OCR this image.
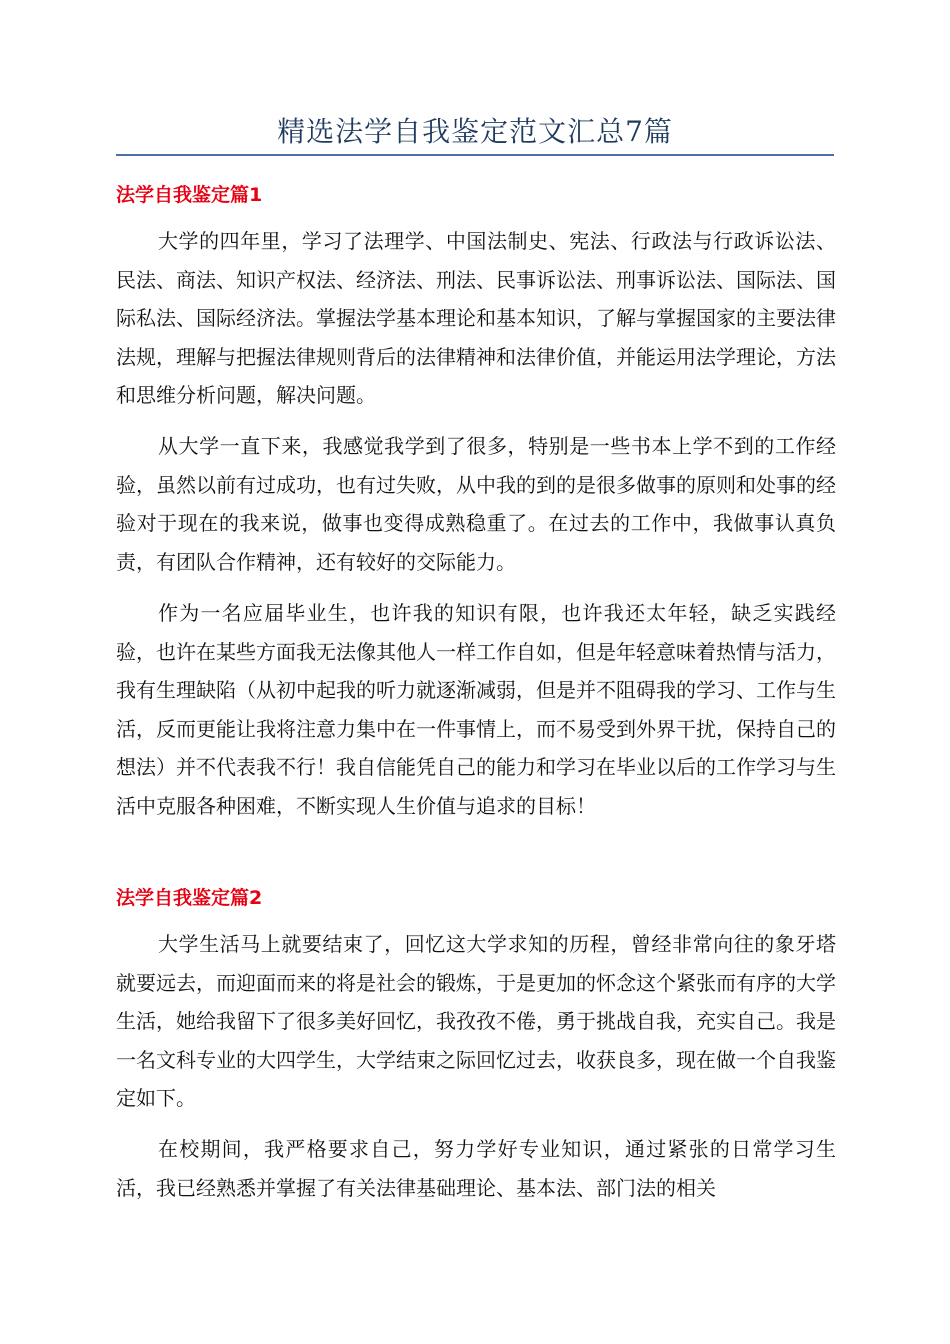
精选法学自我鉴定范文汇总7篇
法学自我鉴定篇1

大学的四年里，学习了法理学、中国法制史、宪法、行政法与行政诉讼法、民法、商法、知识产权法、经济法、刑法、民事诉讼法、刑事诉讼法、国际法、国际私法、国际经济法。掌握法学基本理论和基本知识，了解与掌握国家的主要法律法规，理解与把握法律规则背后的法律精神和法律价值，并能运用法学理论，方法和思维分析问题，解决问题。

从大学一直下来，我感觉我学到了很多，特别是一些书本上学不到的工作经验，虽然以前有过成功，也有过失败，从中我的到的是很多做事的原则和处事的经验对于现在的我来说，做事也变得成熟稳重了。在过去的工作中，我做事认真负责，有团队合作精神，还有较好的交际能力。

作为一名应届毕业生，也许我的知识有限，也许我还太年轻，缺乏实践经验，也许在某些方面我无法像其他人一样工作自如，但是年轻意味着热情与活力，我有生理缺陷（从初中起我的听力就逐渐减弱，但是并不阻碍我的学习、工作与生活，反而更能让我将注意力集中在一件事情上，而不易受到外界干扰，保持自己的想法）并不代表我不行！我自信能凭自己的能力和学习在毕业以后的工作学习与生活中克服各种困难，不断实现人生价值与追求的目标！

法学自我鉴定篇2

大学生活马上就要结束了，回忆这大学求知的历程，曾经非常向往的象牙塔就要远去，而迎面而来的将是社会的锻炼，于是更加的怀念这个紧张而有序的大学生活，她给我留下了很多美好回忆，我孜孜不倦，勇于挑战自我，充实自己。我是一名文科专业的大四学生，大学结束之际回忆过去，收获良多，现在做一个自我鉴定如下。

在校期间，我严格要求自己，努力学好专业知识，通过紧张的日常学习生活，我已经熟悉并掌握了有关法律基础理论、基本法、部门法的相关
